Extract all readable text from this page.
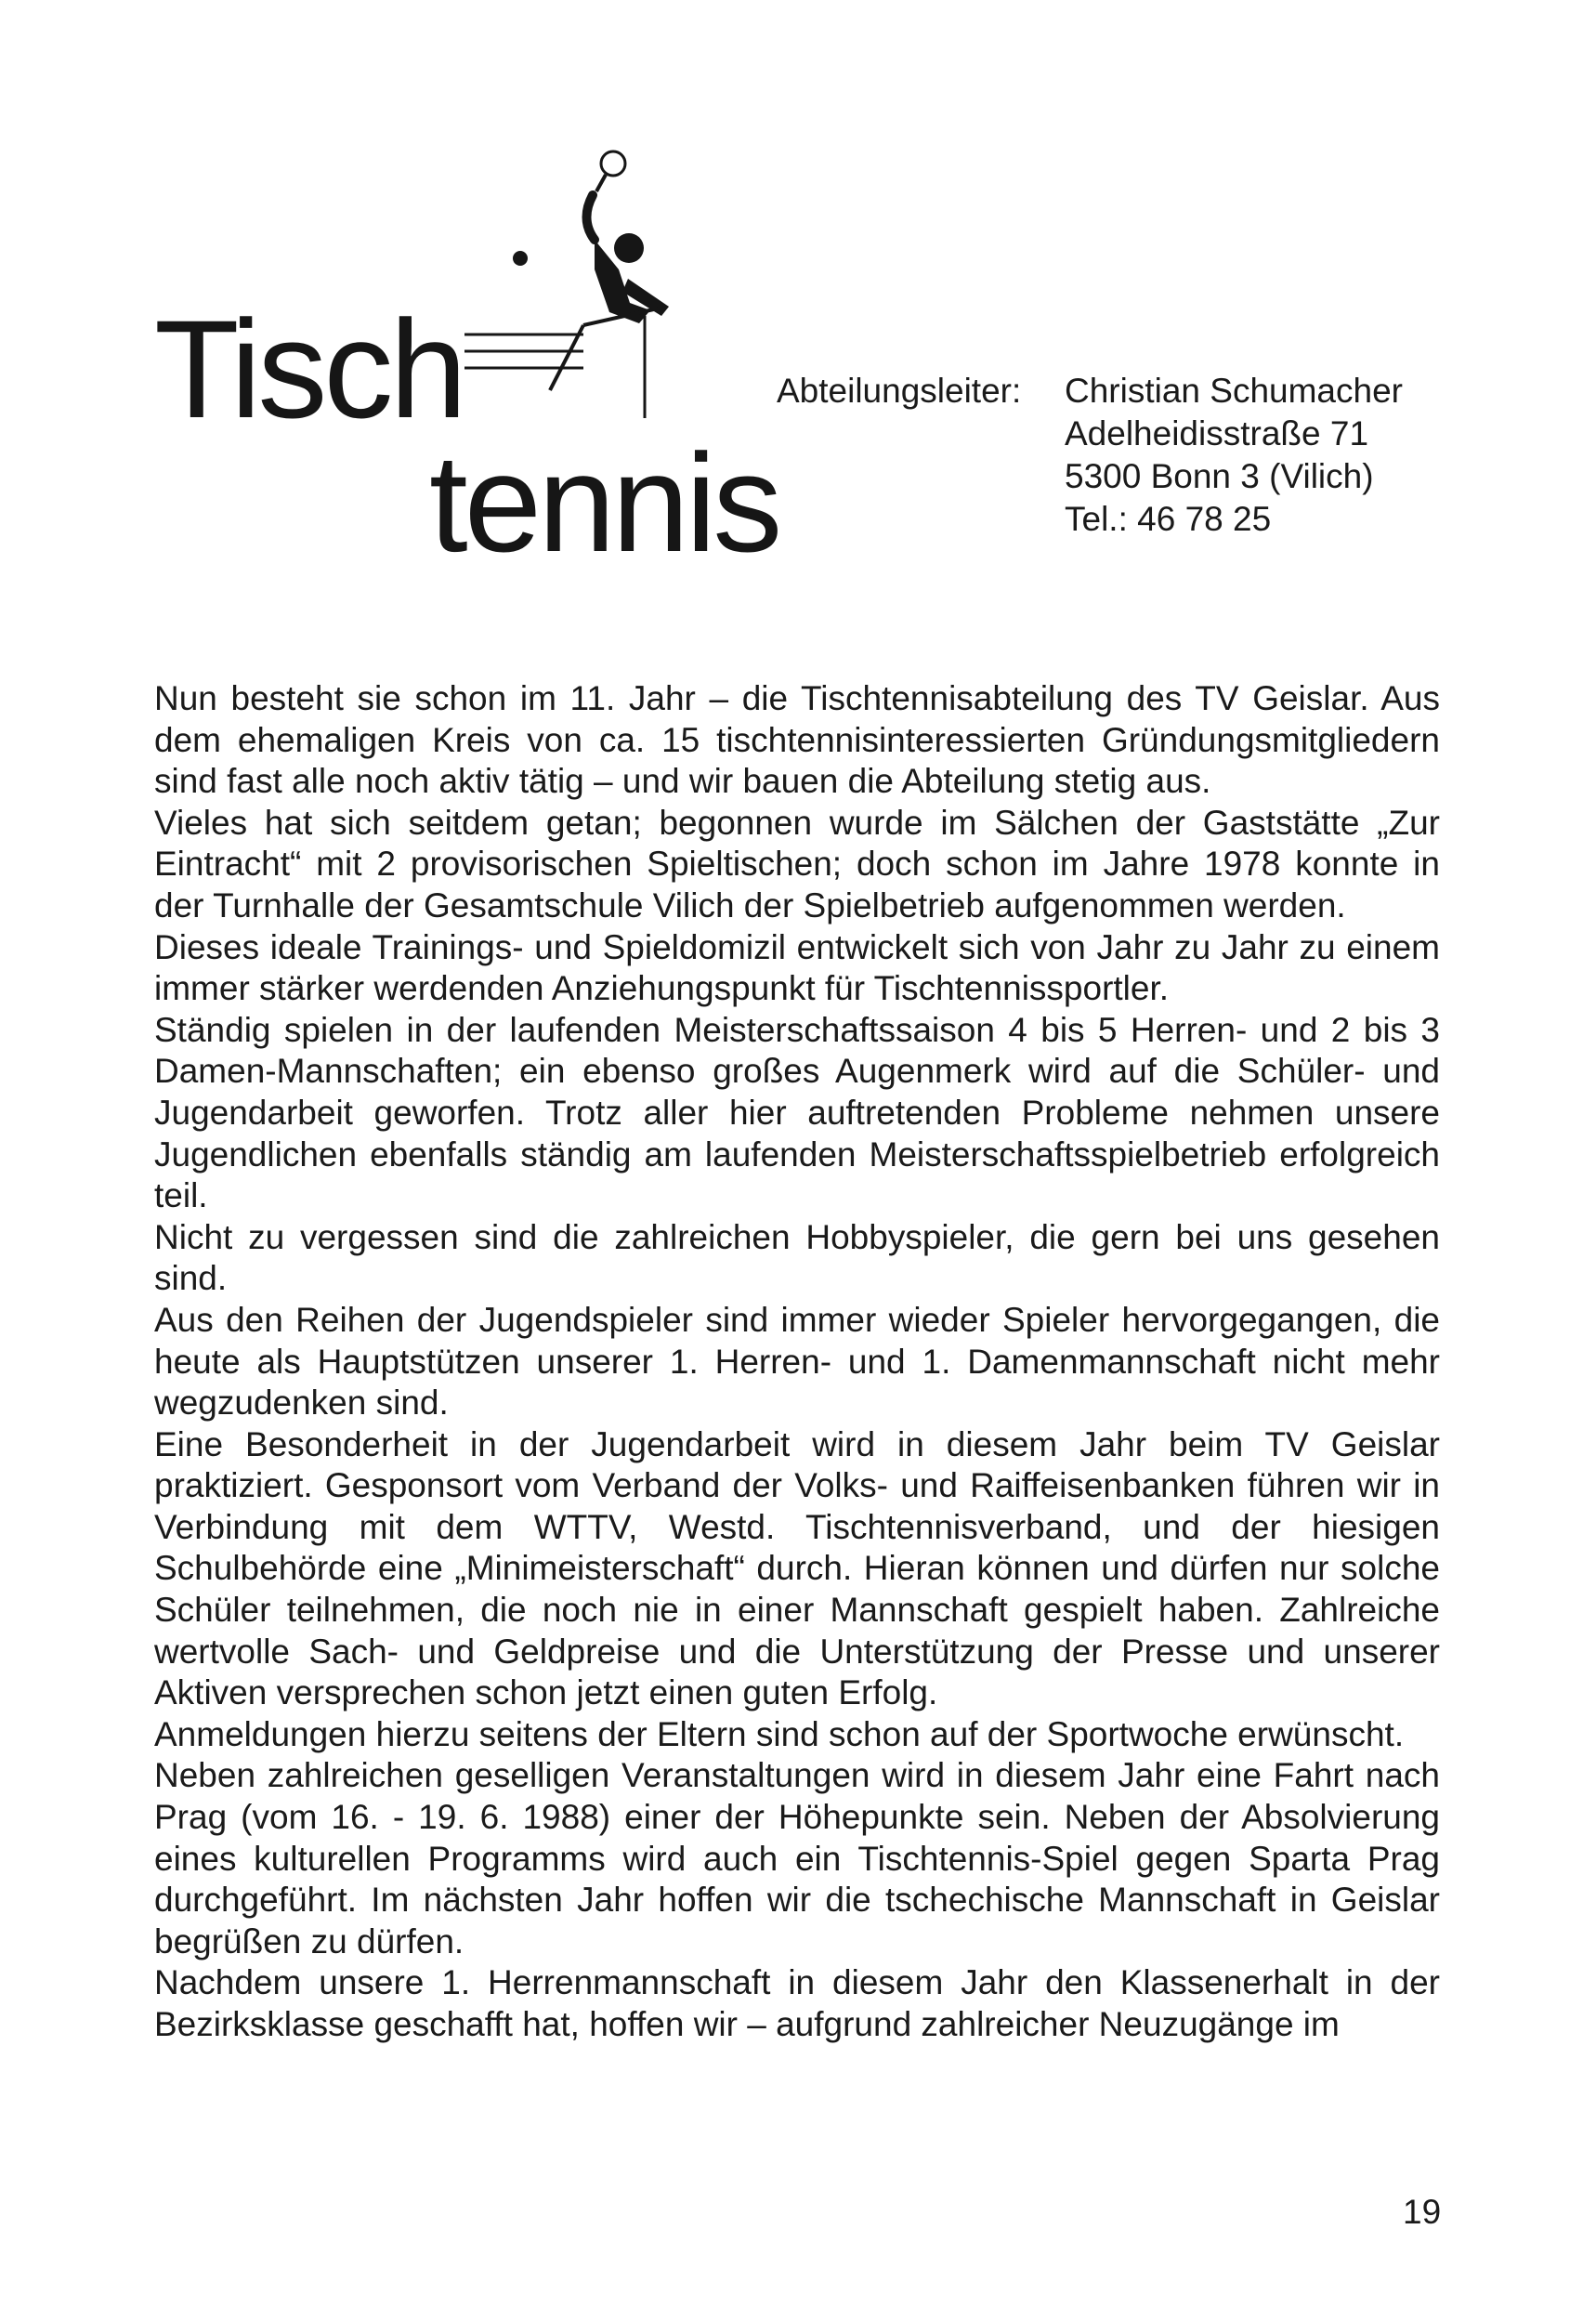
Tisch
tennis
Abteilungsleiter: Christian Schumacher
Adelheidisstraße 71
5300 Bonn 3 (Vilich)
Tel.: 46 78 25

Nun besteht sie schon im 11. Jahr – die Tischtennisabteilung des TV Geislar. Aus dem ehemaligen Kreis von ca. 15 tischtennisinteressierten Gründungsmitgliedern sind fast alle noch aktiv tätig – und wir bauen die Abteilung stetig aus.

Vieles hat sich seitdem getan; begonnen wurde im Sälchen der Gaststätte „Zur Eintracht“ mit 2 provisorischen Spieltischen; doch schon im Jahre 1978 konnte in der Turnhalle der Gesamtschule Vilich der Spielbetrieb aufgenommen werden.

Dieses ideale Trainings- und Spieldomizil entwickelt sich von Jahr zu Jahr zu einem immer stärker werdenden Anziehungspunkt für Tischtennissportler.

Ständig spielen in der laufenden Meisterschaftssaison 4 bis 5 Herren- und 2 bis 3 Damen-Mannschaften; ein ebenso großes Augenmerk wird auf die Schüler- und Jugendarbeit geworfen. Trotz aller hier auftretenden Probleme nehmen unsere Jugendlichen ebenfalls ständig am laufenden Meisterschaftsspielbetrieb erfolgreich teil.

Nicht zu vergessen sind die zahlreichen Hobbyspieler, die gern bei uns gesehen sind.

Aus den Reihen der Jugendspieler sind immer wieder Spieler hervorgegangen, die heute als Hauptstützen unserer 1. Herren- und 1. Damenmannschaft nicht mehr wegzudenken sind.

Eine Besonderheit in der Jugendarbeit wird in diesem Jahr beim TV Geislar praktiziert. Gesponsort vom Verband der Volks- und Raiffeisenbanken führen wir in Verbindung mit dem WTTV, Westd. Tischtennisverband, und der hiesigen Schulbehörde eine „Minimeisterschaft“ durch. Hieran können und dürfen nur solche Schüler teilnehmen, die noch nie in einer Mannschaft gespielt haben. Zahlreiche wertvolle Sach- und Geldpreise und die Unterstützung der Presse und unserer Aktiven versprechen schon jetzt einen guten Erfolg.

Anmeldungen hierzu seitens der Eltern sind schon auf der Sportwoche erwünscht.

Neben zahlreichen geselligen Veranstaltungen wird in diesem Jahr eine Fahrt nach Prag (vom 16. - 19. 6. 1988) einer der Höhepunkte sein. Neben der Absolvierung eines kulturellen Programms wird auch ein Tischtennis-Spiel gegen Sparta Prag durchgeführt. Im nächsten Jahr hoffen wir die tschechische Mannschaft in Geislar begrüßen zu dürfen.

Nachdem unsere 1. Herrenmannschaft in diesem Jahr den Klassenerhalt in der Bezirksklasse geschafft hat, hoffen wir – aufgrund zahlreicher Neuzugänge im

19
